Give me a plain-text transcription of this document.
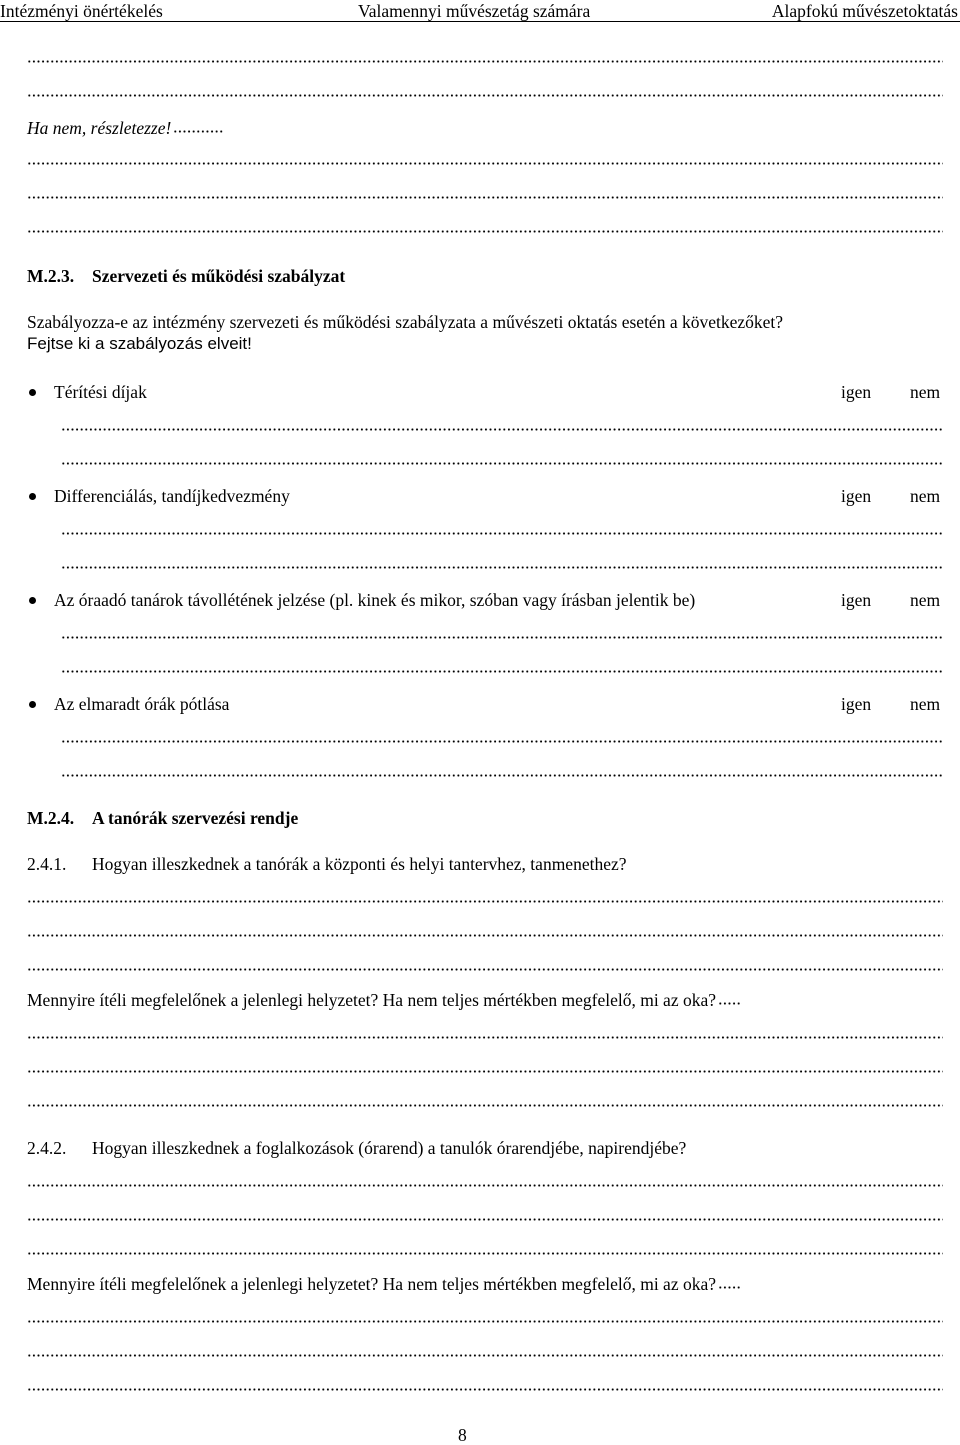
Intézményi önértékelés	Valamennyi művészetág számára	Alapfokú művészetoktatás
Ha nem, részletezze!
M.2.3. Szervezeti és működési szabályzat
Szabályozza-e az intézmény szervezeti és működési szabályzata a művészeti oktatás esetén a következőket?
Fejtse ki a szabályozás elveit!
Térítési díjak	igen nem
Differenciálás, tandíjkedvezmény	igen nem
Az óraadó tanárok távollétének jelzése (pl. kinek és mikor, szóban vagy írásban jelentik be)	igen nem
Az elmaradt órák pótlása	igen nem
M.2.4. A tanórák szervezési rendje
2.4.1. Hogyan illeszkednek a tanórák a központi és helyi tantervhez, tanmenethez?
Mennyire ítéli megfelelőnek a jelenlegi helyzetet? Ha nem teljes mértékben megfelelő, mi az oka?
2.4.2. Hogyan illeszkednek a foglalkozások (órarend) a tanulók órarendjébe, napirendjébe?
Mennyire ítéli megfelelőnek a jelenlegi helyzetet? Ha nem teljes mértékben megfelelő, mi az oka?
8
